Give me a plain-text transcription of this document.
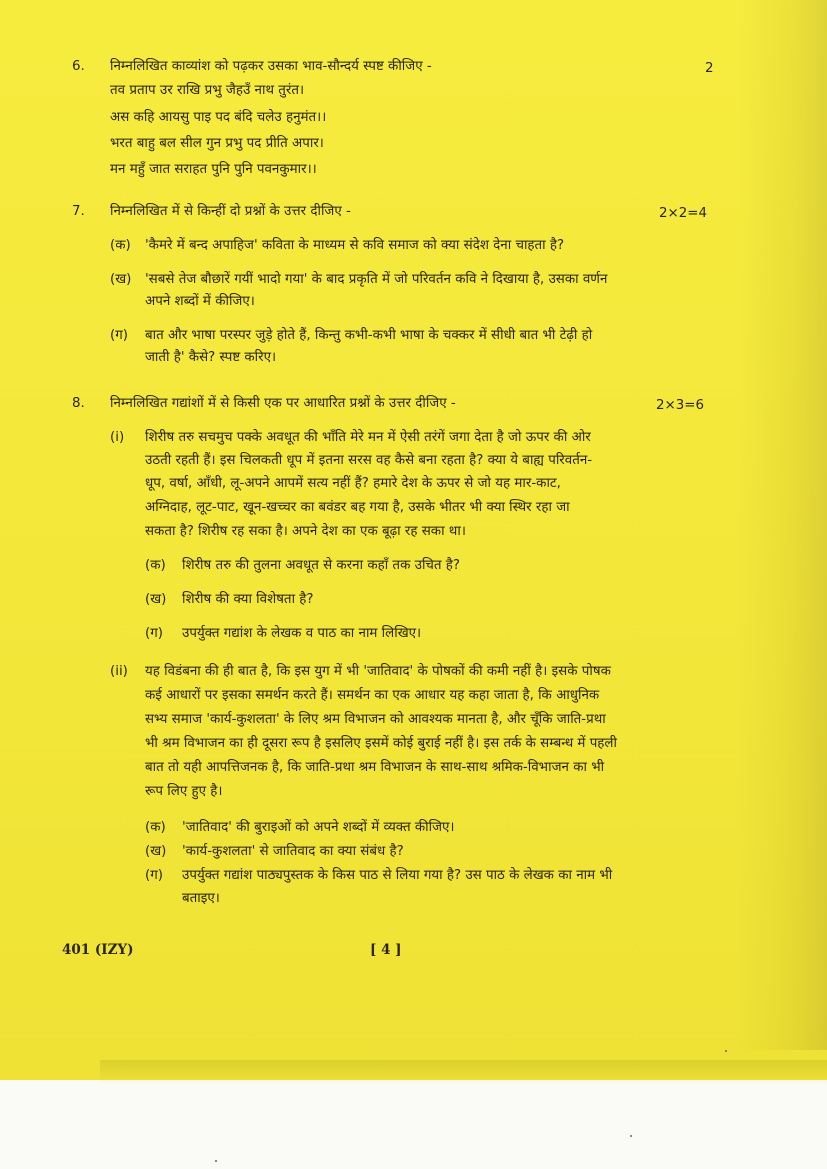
6. निम्नलिखित काव्यांश को पढ़कर उसका भाव-सौन्दर्य स्पष्ट कीजिए -	2
तव प्रताप उर राखि प्रभु जैहउँ नाथ तुरंत।
अस कहि आयसु पाइ पद बंदि चलेउ हनुमंत।।
भरत बाहु बल सील गुन प्रभु पद प्रीति अपार।
मन महुँ जात सराहत पुनि पुनि पवनकुमार।।
7. निम्नलिखित में से किन्हीं दो प्रश्नों के उत्तर दीजिए -	2×2=4
(क) 'कैमरे में बन्द अपाहिज' कविता के माध्यम से कवि समाज को क्या संदेश देना चाहता है?
(ख) 'सबसे तेज बौछारें गयीं भादो गया' के बाद प्रकृति में जो परिवर्तन कवि ने दिखाया है, उसका वर्णन
अपने शब्दों में कीजिए।
(ग) बात और भाषा परस्पर जुड़े होते हैं, किन्तु कभी-कभी भाषा के चक्कर में सीधी बात भी टेढ़ी हो
जाती है' कैसे? स्पष्ट करिए।
8. निम्नलिखित गद्यांशों में से किसी एक पर आधारित प्रश्नों के उत्तर दीजिए -	2×3=6
(i) शिरीष तरु सचमुच पक्के अवधूत की भाँति मेरे मन में ऐसी तरंगें जगा देता है जो ऊपर की ओर
उठती रहती हैं। इस चिलकती धूप में इतना सरस वह कैसे बना रहता है? क्या ये बाह्य परिवर्तन-
धूप, वर्षा, आँधी, लू-अपने आपमें सत्य नहीं हैं? हमारे देश के ऊपर से जो यह मार-काट,
अग्निदाह, लूट-पाट, खून-खच्चर का बवंडर बह गया है, उसके भीतर भी क्या स्थिर रहा जा
सकता है? शिरीष रह सका है। अपने देश का एक बूढ़ा रह सका था।
(क) शिरीष तरु की तुलना अवधूत से करना कहाँ तक उचित है?
(ख) शिरीष की क्या विशेषता है?
(ग) उपर्युक्त गद्यांश के लेखक व पाठ का नाम लिखिए।
(ii) यह विडंबना की ही बात है, कि इस युग में भी 'जातिवाद' के पोषकों की कमी नहीं है। इसके पोषक
कई आधारों पर इसका समर्थन करते हैं। समर्थन का एक आधार यह कहा जाता है, कि आधुनिक
सभ्य समाज 'कार्य-कुशलता' के लिए श्रम विभाजन को आवश्यक मानता है, और चूँकि जाति-प्रथा
भी श्रम विभाजन का ही दूसरा रूप है इसलिए इसमें कोई बुराई नहीं है। इस तर्क के सम्बन्ध में पहली
बात तो यही आपत्तिजनक है, कि जाति-प्रथा श्रम विभाजन के साथ-साथ श्रमिक-विभाजन का भी
रूप लिए हुए है।
(क) 'जातिवाद' की बुराइओं को अपने शब्दों में व्यक्त कीजिए।
(ख) 'कार्य-कुशलता' से जातिवाद का क्या संबंध है?
(ग) उपर्युक्त गद्यांश पाठ्यपुस्तक के किस पाठ से लिया गया है? उस पाठ के लेखक का नाम भी
बताइए।
401 (IZY)	[ 4 ]
